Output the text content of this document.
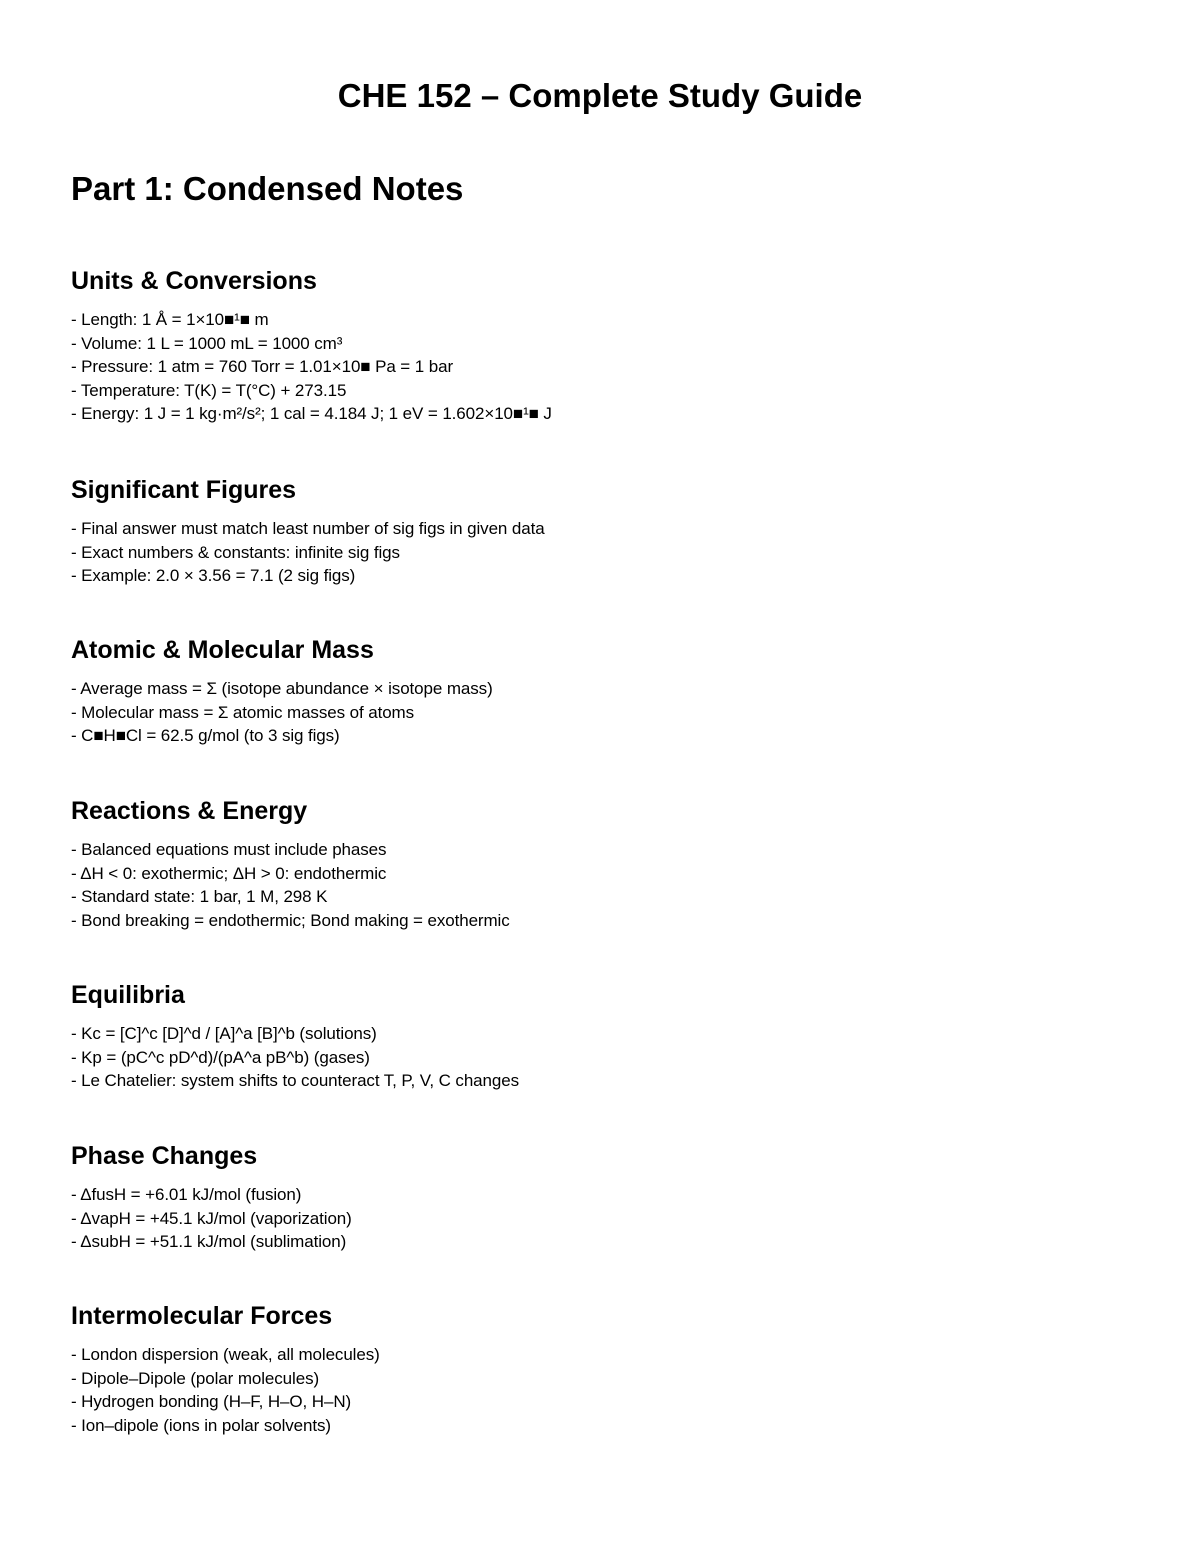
CHE 152 – Complete Study Guide
Part 1: Condensed Notes
Units & Conversions
- Length: 1 Å = 1×10■¹■ m
- Volume: 1 L = 1000 mL = 1000 cm³
- Pressure: 1 atm = 760 Torr = 1.01×10■ Pa = 1 bar
- Temperature: T(K) = T(°C) + 273.15
- Energy: 1 J = 1 kg·m²/s²; 1 cal = 4.184 J; 1 eV = 1.602×10■¹■ J
Significant Figures
- Final answer must match least number of sig figs in given data
- Exact numbers & constants: infinite sig figs
- Example: 2.0 × 3.56 = 7.1 (2 sig figs)
Atomic & Molecular Mass
- Average mass = Σ (isotope abundance × isotope mass)
- Molecular mass = Σ atomic masses of atoms
- C■H■Cl = 62.5 g/mol (to 3 sig figs)
Reactions & Energy
- Balanced equations must include phases
- ΔH < 0: exothermic; ΔH > 0: endothermic
- Standard state: 1 bar, 1 M, 298 K
- Bond breaking = endothermic; Bond making = exothermic
Equilibria
- Kc = [C]^c [D]^d / [A]^a [B]^b (solutions)
- Kp = (pC^c pD^d)/(pA^a pB^b) (gases)
- Le Chatelier: system shifts to counteract T, P, V, C changes
Phase Changes
- ΔfusH = +6.01 kJ/mol (fusion)
- ΔvapH = +45.1 kJ/mol (vaporization)
- ΔsubH = +51.1 kJ/mol (sublimation)
Intermolecular Forces
- London dispersion (weak, all molecules)
- Dipole–Dipole (polar molecules)
- Hydrogen bonding (H–F, H–O, H–N)
- Ion–dipole (ions in polar solvents)
